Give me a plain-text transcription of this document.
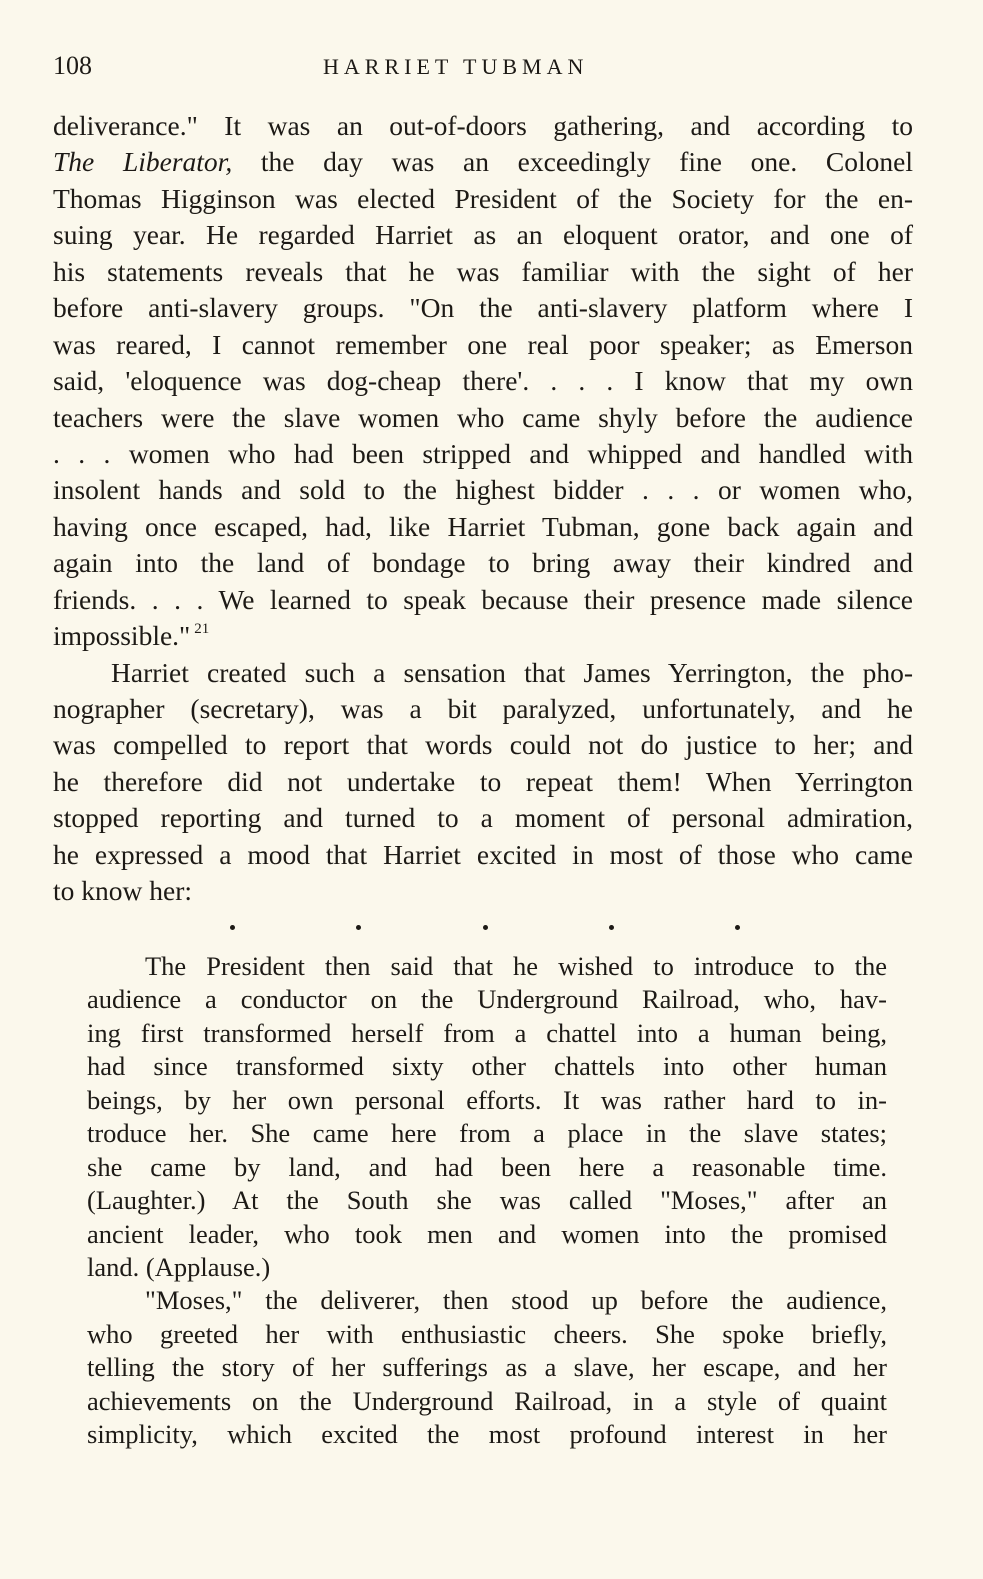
108	HARRIET TUBMAN
deliverance." It was an out-of-doors gathering, and according to
The Liberator, the day was an exceedingly fine one. Colonel
Thomas Higginson was elected President of the Society for the en-
suing year. He regarded Harriet as an eloquent orator, and one of
his statements reveals that he was familiar with the sight of her
before anti-slavery groups. "On the anti-slavery platform where I
was reared, I cannot remember one real poor speaker; as Emerson
said, 'eloquence was dog-cheap there'. . . . I know that my own
teachers were the slave women who came shyly before the audience
. . . women who had been stripped and whipped and handled with
insolent hands and sold to the highest bidder . . . or women who,
having once escaped, had, like Harriet Tubman, gone back again and
again into the land of bondage to bring away their kindred and
friends. . . . We learned to speak because their presence made silence
impossible." $^{21}$
Harriet created such a sensation that James Yerrington, the pho-
nographer (secretary), was a bit paralyzed, unfortunately, and he
was compelled to report that words could not do justice to her; and
he therefore did not undertake to repeat them! When Yerrington
stopped reporting and turned to a moment of personal admiration,
he expressed a mood that Harriet excited in most of those who came
to know her:
The President then said that he wished to introduce to the
audience a conductor on the Underground Railroad, who, hav-
ing first transformed herself from a chattel into a human being,
had since transformed sixty other chattels into other human
beings, by her own personal efforts. It was rather hard to in-
troduce her. She came here from a place in the slave states;
she came by land, and had been here a reasonable time.
(Laughter.) At the South she was called "Moses," after an
ancient leader, who took men and women into the promised
land. (Applause.)
"Moses," the deliverer, then stood up before the audience,
who greeted her with enthusiastic cheers. She spoke briefly,
telling the story of her sufferings as a slave, her escape, and her
achievements on the Underground Railroad, in a style of quaint
simplicity, which excited the most profound interest in her
